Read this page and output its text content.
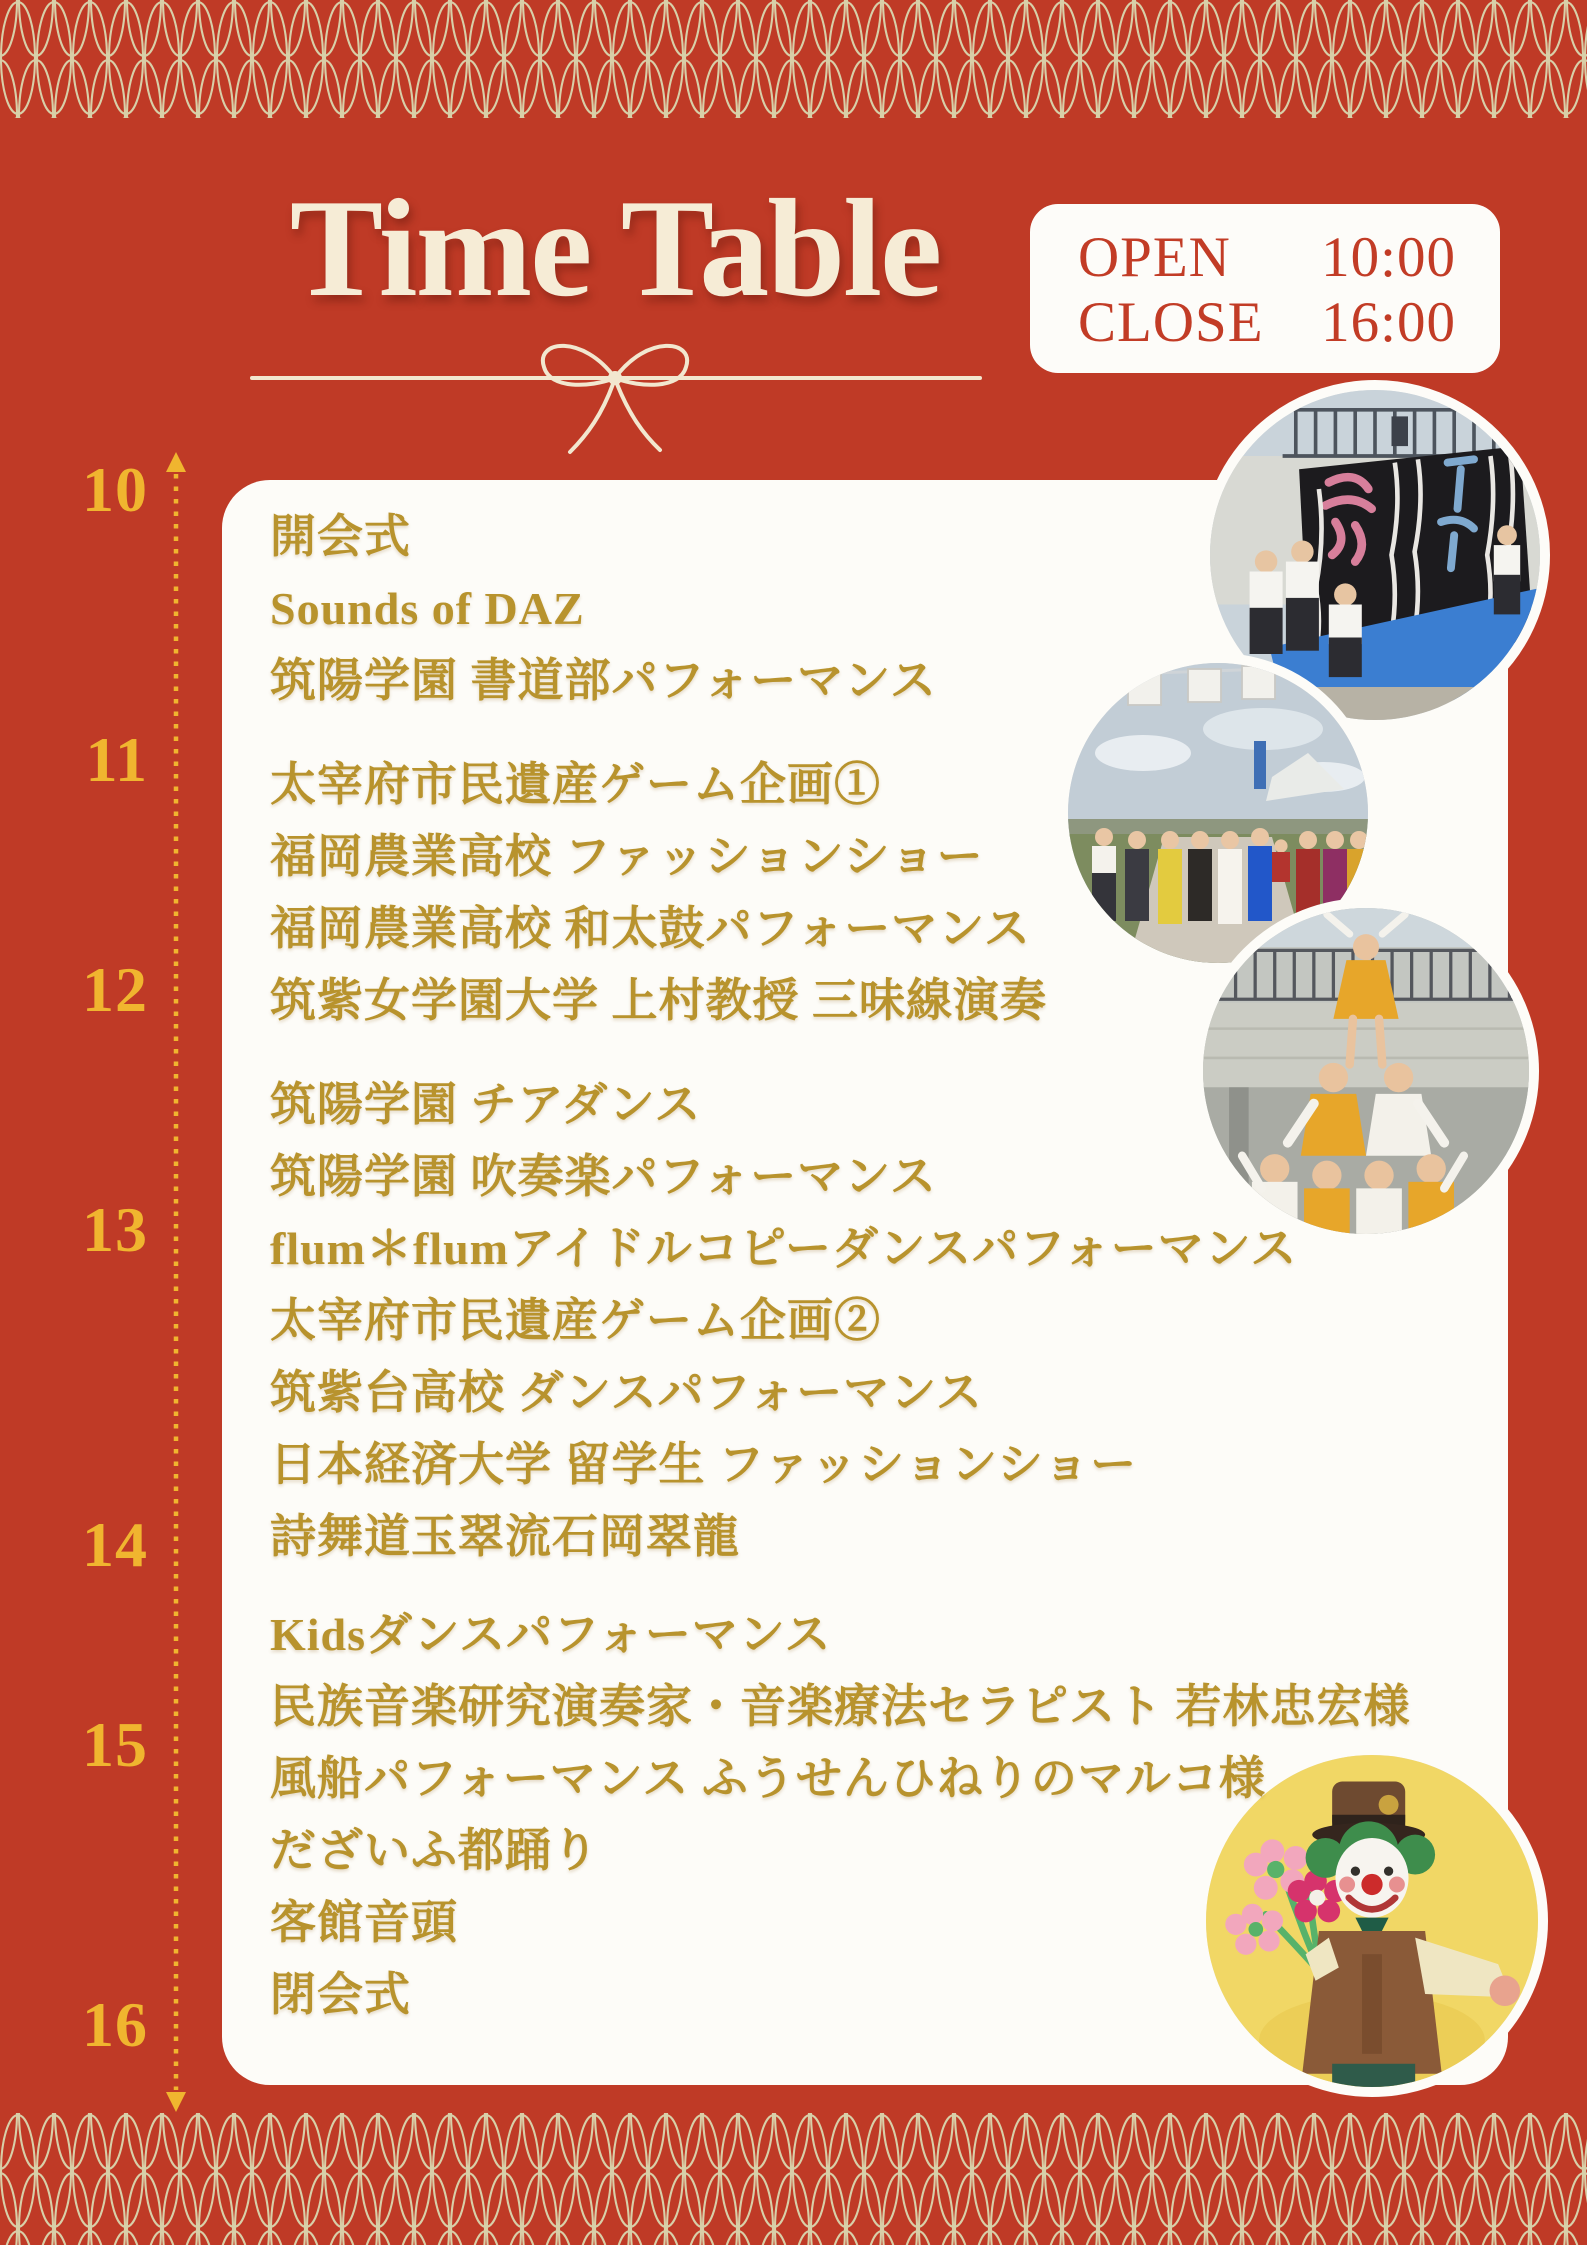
Time Table	OPEN 10:00
CLOSE 16:00
10
11
12
13
14
15
16
開会式
Sounds of DAZ
筑陽学園 書道部パフォーマンス
太宰府市民遺産ゲーム企画①
福岡農業高校 ファッションショー
福岡農業高校 和太鼓パフォーマンス
筑紫女学園大学 上村教授 三味線演奏
筑陽学園 チアダンス
筑陽学園 吹奏楽パフォーマンス
flum＊flumアイドルコピーダンスパフォーマンス
太宰府市民遺産ゲーム企画②
筑紫台高校 ダンスパフォーマンス
日本経済大学 留学生 ファッションショー
詩舞道玉翠流石岡翠龍
Kidsダンスパフォーマンス
民族音楽研究演奏家・音楽療法セラピスト 若林忠宏様
風船パフォーマンス ふうせんひねりのマルコ様
だざいふ都踊り
客館音頭
閉会式
